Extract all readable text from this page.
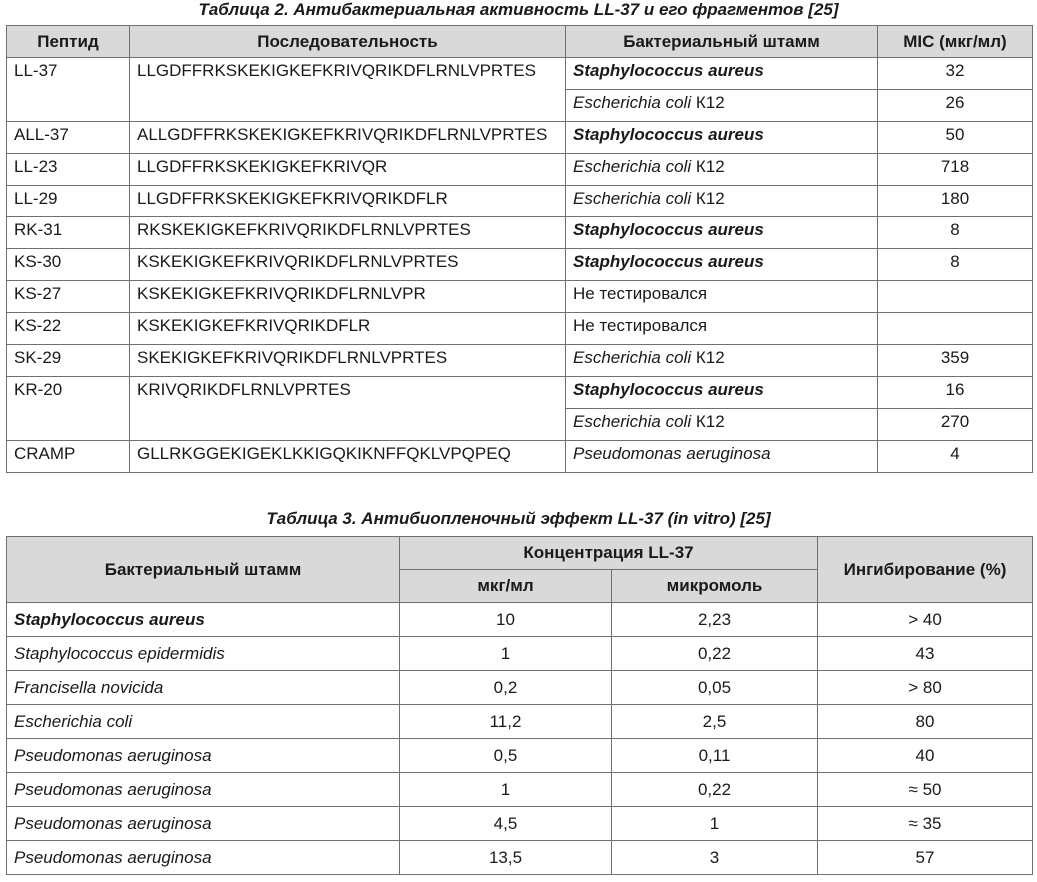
Таблица 2. Антибактериальная активность LL-37 и его фрагментов [25]
Пептид	Последовательность	Бактериальный штамм	MIC (мкг/мл)
LL-37	LLGDFFRKSKEKIGKEFKRIVQRIKDFLRNLVPRTES	Staphylococcus aureus	32
		Escherichia coli К12	26
ALL-37	ALLGDFFRKSKEKIGKEFKRIVQRIKDFLRNLVPRTES	Staphylococcus aureus	50
LL-23	LLGDFFRKSKEKIGKEFKRIVQR	Escherichia coli К12	718
LL-29	LLGDFFRKSKEKIGKEFKRIVQRIKDFLR	Escherichia coli К12	180
RK-31	RKSKEKIGKEFKRIVQRIKDFLRNLVPRTES	Staphylococcus aureus	8
KS-30	KSKEKIGKEFKRIVQRIKDFLRNLVPRTES	Staphylococcus aureus	8
KS-27	KSKEKIGKEFKRIVQRIKDFLRNLVPR	Не тестировался	
KS-22	KSKEKIGKEFKRIVQRIKDFLR	Не тестировался	
SK-29	SKEKIGKEFKRIVQRIKDFLRNLVPRTES	Escherichia coli К12	359
KR-20	KRIVQRIKDFLRNLVPRTES	Staphylococcus aureus	16
		Escherichia coli К12	270
CRAMP	GLLRKGGEKIGEKLKKIGQKIKNFFQKLVPQPEQ	Pseudomonas aeruginosa	4
Таблица 3. Антибиопленочный эффект LL-37 (in vitro) [25]
Бактериальный штамм	Концентрация LL-37		Ингибирование (%)
	мкг/мл	микромоль	
Staphylococcus aureus	10	2,23	> 40
Staphylococcus epidermidis	1	0,22	43
Francisella novicida	0,2	0,05	> 80
Escherichia coli	11,2	2,5	80
Pseudomonas aeruginosa	0,5	0,11	40
Pseudomonas aeruginosa	1	0,22	≈ 50
Pseudomonas aeruginosa	4,5	1	≈ 35
Pseudomonas aeruginosa	13,5	3	57
